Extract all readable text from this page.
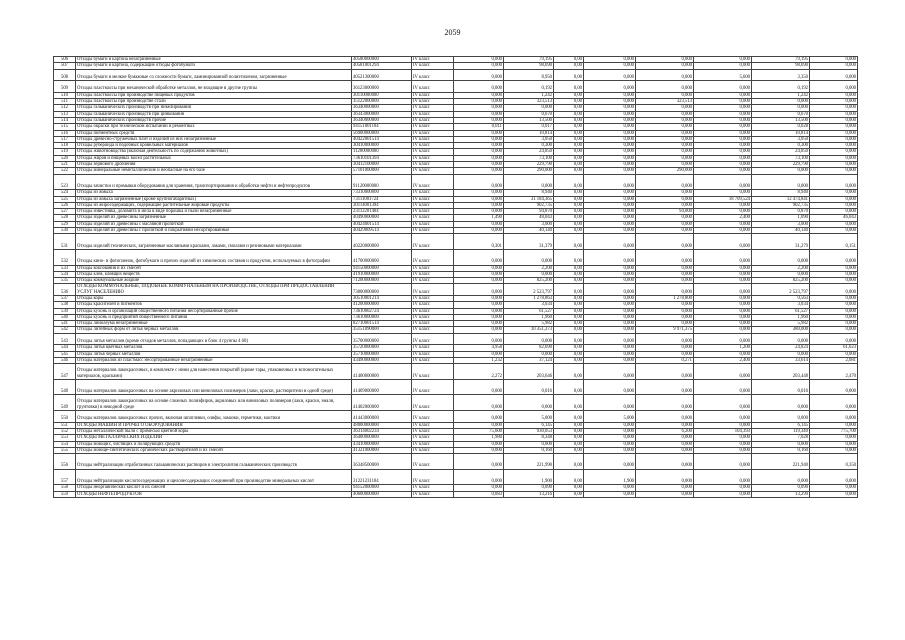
2059
506	Отходы бумаги и картона незагрязненные	40580000000	IV класс	0,000	79,195	0,00	0,000	0,000	0,000	79,195	0,000
507	Отходы бумаги и картона, содержащие отходы фотобумаги	40581001294	IV класс	0,000	98,690	0,00	0,000	0,000	0,000	98,690	0,000
508	Отходы бумаги и мелкие бумажные со сложности бумаги, ламинированной полиэтиленом, загрязненные	40521300000	IV класс	0,000	8,950	0,00	0,000	0,000	5,600	3,350	0,000
509	Отходы пластмассы при механической обработке металлов, не входящие в другие группы	36123000000	IV класс	0,000	0,192	0,00	0,000	0,000	0,000	0,192	0,000
510	Отходы пластмассы при производстве пищевых продуктов	30110000000	IV класс	0,000	1,242	0,00	0,000	0,000	0,000	1,242	0,000
511	Отходы пластмассы при производстве стали	35122000000	IV класс	0,000	323,513	0,00	0,000	323,513	0,000	0,000	0,000
512	Отходы гальванических производств при никелировании	36340000000	IV класс	0,000	0,000	0,00	0,000	0,000	0,000	0,000	0,000
513	Отходы гальванических производств при цинковании	36343000000	IV класс	0,000	0,670	0,00	0,000	0,000	0,000	0,670	0,000
514	Отходы гальванических производств прочие	36340000000	IV класс	0,000	13,500	0,00	0,000	0,000	0,000	13,500	0,000
515	Отходы окраски при техническом испытании и ремонтных	94151001104	IV класс	0,011	0,017	0,00	0,000	0,000	0,000	0,028	0,000
516	Отходы пигментных средств	56900000000	IV класс	0,000	10,814	0,00	0,000	0,000	0,000	10,814	0,000
517	Отходы древесно-стружечных плит и изделий из них незагрязненные	40422001514	IV класс	0,000	3,050	0,00	0,000	0,000	0,000	3,050	0,000
518	Отходы рубероида и подобных кровельных материалов	30410000000	IV класс	0,000	0,300	0,00	0,000	0,000	0,000	0,300	0,000
519	Отходы животноводства (включая деятельность по содержанию животных)	11200000000	IV класс	0,000	24,850	0,00	0,000	0,000	0,000	24,850	0,000
520	Отходы жиров и пищевых масел растительных	73610101394	IV класс	0,000	73,100	0,00	0,000	0,000	0,000	73,100	0,000
521	Отходы зернового дробления	30412100000	IV класс	0,000	229,790	0,00	0,000	0,000	0,000	229,790	0,000
522	Отходы минеральные неметаллические и неопасные на его базе	57101000000	IV класс	0,000	290,000	0,00	0,000	290,000	0,000	0,000	0,000
523	Отходы зачистки и промывки оборудования для хранения, транспортирования и обработки нефти и нефтепродуктов	91120000000	IV класс	0,000	0,000	0,00	0,000	0,000	0,000	0,000	0,000
524	Отходы из жмыха	73310000000	IV класс	0,000	8,940	0,00	0,000	0,000	0,000	8,940	0,000
525	Отходы из жмыха загрязненные (кроме крупногабаритных)	73111001724	IV класс	0,000	31 184,365	0,00	0,000	0,000	18 709,524	12 474,841	0,000
526	Отходы из жиросодержащих, содержащие растительные жировые продукты	30114001394	IV класс	0,000	902,735	0,00	0,000	0,000	0,000	902,735	0,000
527	Отходы известняка, доломита и мела в виде порошка и пыли незагрязненные	23112201404	IV класс	0,000	94,870	0,00	0,000	94,000	0,000	0,870	0,000
528	Отходы изделий из древесины загрязненные	40490000000	IV класс	1,490	48,043	0,00	0,000	0,000	2,400	1,090	46,043
529	Отходы изделий из древесины с масляной пропиткой	40424001514	IV класс	0,000	3,000	0,00	0,000	0,000	0,000	3,000	0,000
530	Отходы изделий из древесины с пропиткой и покрытиями несортированные	40429009514	IV класс	0,000	40,140	0,00	0,000	0,000	0,000	40,140	0,000
531	Отходы изделий технических, загрязненные масляными красками, лаками, смолами и резиновыми материалами	40220000000	IV класс	0,301	31,379	0,00	0,000	0,000	0,000	31,279	0,151
532	Отходы кино- и фотопленок, фотобумаги и прочих изделий из химических составов и продуктов, используемых в фотографии	41700000000	IV класс	0,000	0,000	0,00	0,000	0,000	0,000	0,000	0,000
533	Отходы коксования и их смесей	94150000000	IV класс	0,000	2,200	0,00	0,000	0,000	0,000	2,200	0,000
534	Отходы клея, клеящих веществ	41910000000	IV класс	0,000	0,000	0,00	0,000	0,000	0,000	0,000	0,000
535	Отходы коммунальные жидкие	71200000000	IV класс	0,000	825,200	0,00	0,000	0,000	0,000	825,200	0,000
536	ОТХОДЫ КОММУНАЛЬНЫЕ, ПОДОБНЫЕ КОММУНАЛЬНЫМ НА ПРОИЗВОДСТВЕ, ОТХОДЫ ПРИ ПРЕДОСТАВЛЕНИИ УСЛУГ НАСЕЛЕНИЮ	73000000000	IV класс	0,000	2 523,797	0,00	0,000	0,000	0,000	2 523,797	0,000
537	Отходы коры	30510001214	IV класс	0,000	1 278,863	0,00	0,000	1 278,800	0,000	0,563	0,000
538	Отходы красителей и пигментов	41200000000	IV класс	0,000	3,034	0,00	0,000	0,000	0,000	3,034	0,000
539	Отходы кухонь и организаций общественного питания несортированные прочие	73610002724	IV класс	0,000	61,527	0,00	0,000	0,000	0,000	61,527	0,000
540	Отходы кухонь и предприятий общественного питания	73610000000	IV класс	0,000	1,960	0,00	0,000	0,000	0,000	1,960	0,000
541	Отходы линолеума незагрязненные	82710001514	IV класс	0,000	5,982	0,00	0,000	0,000	0,000	5,982	0,000
542	Отходы литейных форм от литья черных металлов	35151090000	IV класс	0,000	10 351,373	0,00	0,000	9 971,375	0,000	380,000	0,000
543	Отходы литья металлов (кроме отходов металлов, попадающих в блок 4 группы 4 60)	35700000000	IV класс	0,000	0,000	0,00	0,000	0,000	0,000	0,000	0,000
544	Отходы литья цветных металлов	35720000000	IV класс	4,958	82,690	0,00	0,000	0,000	1,200	24,824	61,623
545	Отходы литья черных металлов	35710000000	IV класс	0,000	0,000	0,00	0,000	0,000	0,000	0,000	0,000
546	Отходы материалов из пластмасс несортированные незагрязненные	43490000000	IV класс	1,232	37,124	0,00	0,000	0,271	2,400	33,614	2,081
547	Отходы материалов лакокрасочных, в комплекте с ними для нанесения покрытий (кроме тары, упаковочных и вспомогательных материалов, красками)	41400000000	IV класс	2,272	203,646	0,00	0,000	0,000	0,000	203,448	2,470
548	Отходы материалов лакокрасочных на основе акриловых или виниловых полимеров (лаки, краски, растворители в одной среде)	41409000000	IV класс	0,000	0,016	0,00	0,000	0,000	0,000	0,016	0,000
549	Отходы материалов лакокрасочных на основе сложных полиэфиров, акриловых или виниловых полимеров (лаки, краски, эмали, грунтовки) в неводной среде	41402000000	IV класс	0,000	0,000	0,00	0,000	0,000	0,000	0,000	0,000
550	Отходы материалов лакокрасочных прочих, включая шпатлевки, олифы, замазки, герметики, мастики	41443000000	IV класс	0,000	5,000	0,00	5,000	0,000	0,000	0,000	0,000
551	ОТХОДЫ МАШИН И ПРОЧЕГО ОБОРУДОВАНИЯ	48000000000	IV класс	0,000	6,145	0,00	0,000	0,000	0,000	6,145	0,000
552	Отходы металлической пыли с примесью цветной коры	36314002234	IV класс	75,600	930,053	0,00	0,000	6,200	104,393	119,340	775,700
553	ОТХОДЫ МЕТАЛЛИЧЕСКИХ ИЗДЕЛИЙ	36400000000	IV класс	1,980	8,348	0,00	0,000	0,000	0,000	7,028	0,000
554	Отходы моющих, чистящих и полирующих средств	43410000000	IV класс	0,000	0,000	0,00	0,000	0,000	0,000	0,000	0,000
555	Отходы моюще-синтетических органических растворителей и их смесей	41321000000	IV класс	0,000	0,160	0,00	0,000	0,000	0,000	0,160	0,000
556	Отходы нейтрализации отработанных гальванических растворов и электролитов гальванических производств	36348500000	IV класс	0,000	221,990	0,00	0,000	0,000	0,000	221,940	0,350
557	Отходы нейтрализации кислотосодержащих и щелочесодержащих соединений при производстве минеральных кислот	31221231104	IV класс	0,000	1,900	0,00	1,900	0,000	0,000	0,000	0,000
558	Отходы неорганических кислот и их смесей	94152000000	IV класс	0,000	0,090	0,00	0,000	0,000	0,000	0,090	0,000
559	ОТХОДЫ НЕФТЕПРОДУКТОВ	40600000000	IV класс	0,083	13,216	0,00	0,000	0,000	0,000	13,299	0,000
